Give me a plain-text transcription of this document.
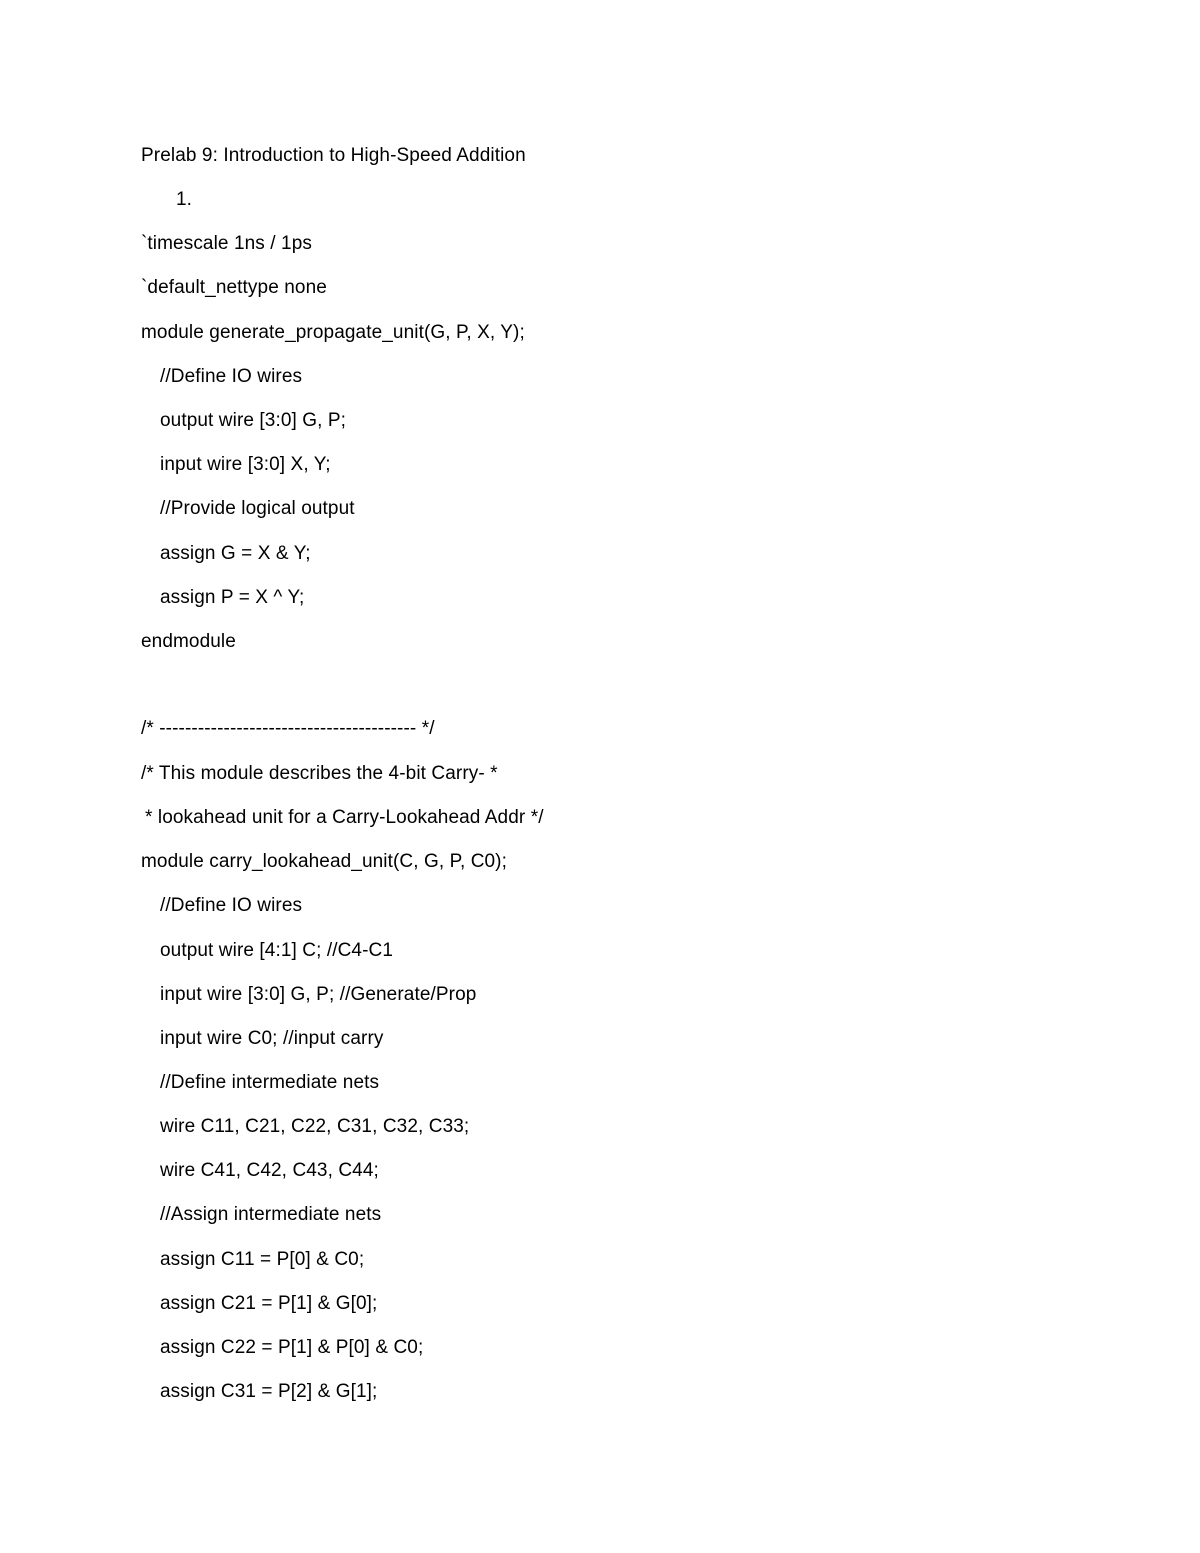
Prelab 9: Introduction to High-Speed Addition
1.
`timescale 1ns / 1ps
`default_nettype none
module generate_propagate_unit(G, P, X, Y);
//Define IO wires
output wire [3:0] G, P;
input wire [3:0] X, Y;
//Provide logical output
assign G = X & Y;
assign P = X ^ Y;
endmodule
/* ---------------------------------------- */
/* This module describes the 4-bit Carry- *
* lookahead unit for a Carry-Lookahead Addr */
module carry_lookahead_unit(C, G, P, C0);
//Define IO wires
output wire [4:1] C; //C4-C1
input wire [3:0] G, P; //Generate/Prop
input wire C0; //input carry
//Define intermediate nets
wire C11, C21, C22, C31, C32, C33;
wire C41, C42, C43, C44;
//Assign intermediate nets
assign C11 = P[0] & C0;
assign C21 = P[1] & G[0];
assign C22 = P[1] & P[0] & C0;
assign C31 = P[2] & G[1];
